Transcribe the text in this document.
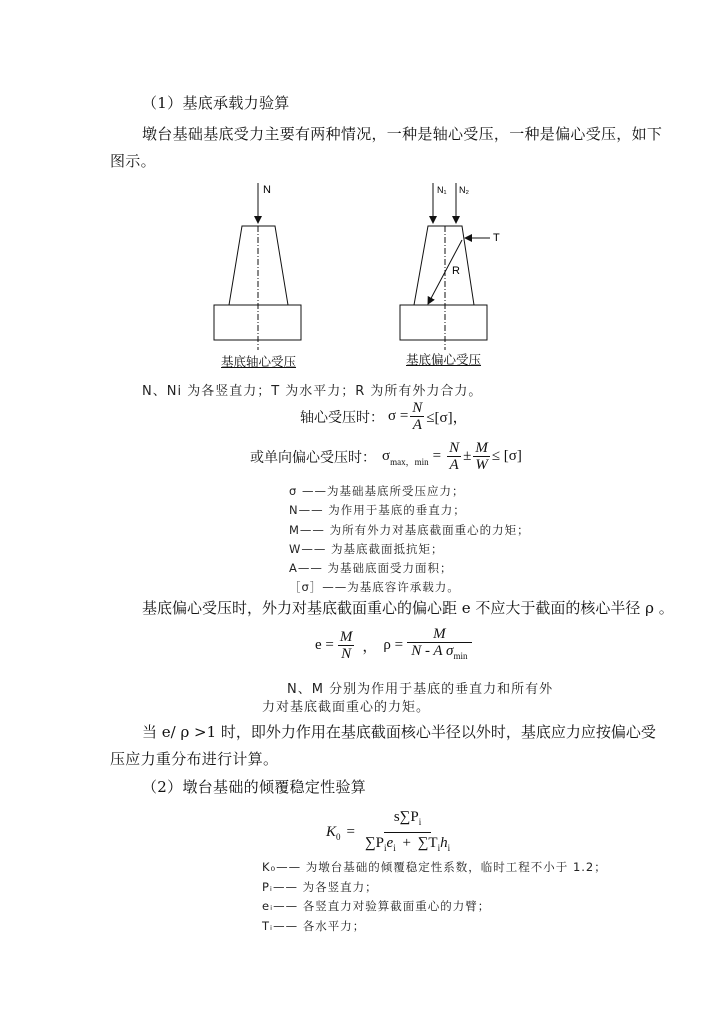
（1）基底承载力验算
墩台基础基底受力主要有两种情况，一种是轴心受压，一种是偏心受压，如下
图示。
N	N₁ N₂
T
R
基底轴心受压	基底偏心受压
N、Ni 为各竖直力；T 为水平力；R 为所有外力合力。
轴心受压时： $\sigma = \frac{N}{A} \le[\sigma]$，
或单向偏心受压时： σ max，$\min = \frac{N}{A} \pm \frac{M}{W} \le [\sigma]$
σ ——为基础基底所受压应力；
N—— 为作用于基底的垂直力；
M—— 为所有外力对基底截面重心的力矩；
W—— 为基底截面抵抗矩；
A—— 为基础底面受力面积；
［σ］——为基底容许承载力。
基底偏心受压时，外力对基底截面重心的偏心距 e 不应大于截面的核心半径 ρ 。
$e = \frac{M}{N}$ ， $\rho = \frac{M}{N - A \sigma_{min}}$
N、M 分别为作用于基底的垂直力和所有外
力对基底截面重心的力矩。
当 e/ ρ >1 时，即外力作用在基底截面核心半径以外时，基底应力应按偏心受
压应力重分布进行计算。
（2）墩台基础的倾覆稳定性验算
$K_0 = \frac{s\sum P_i}{\sum P_ie_i + \sum T_ih_i}$
K₀—— 为墩台基础的倾覆稳定性系数，临时工程不小于 1.2；
Pᵢ—— 为各竖直力；
eᵢ—— 各竖直力对验算截面重心的力臂；
Tᵢ—— 各水平力；
